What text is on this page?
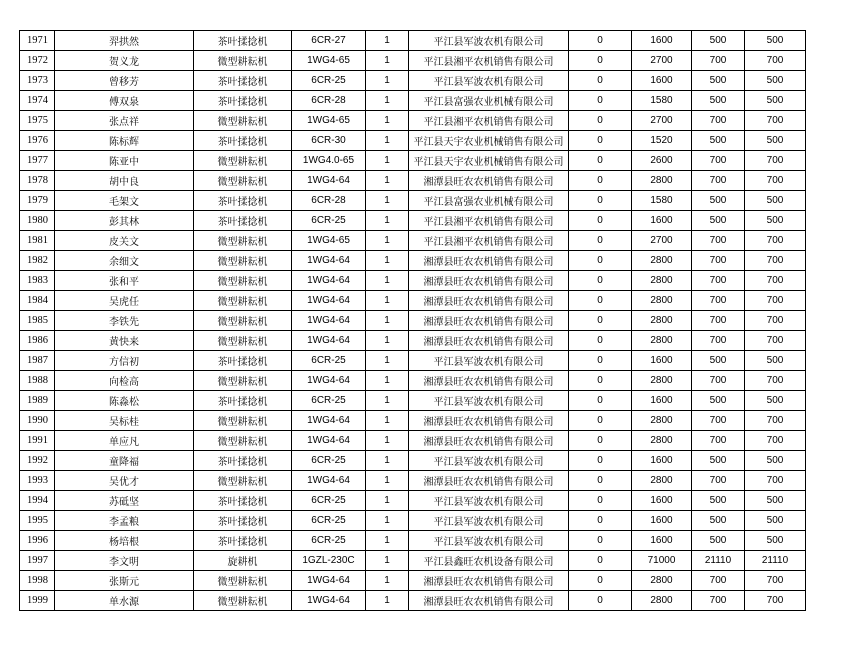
1971	羿拱然	茶叶揉捻机	6CR-27	1	平江县军波农机有限公司	0	1600	500	500
1972	贺义龙	微型耕耘机	1WG4-65	1	平江县湘平农机销售有限公司	0	2700	700	700
1973	曾移芳	茶叶揉捻机	6CR-25	1	平江县军波农机有限公司	0	1600	500	500
1974	傅双泉	茶叶揉捻机	6CR-28	1	平江县富强农业机械有限公司	0	1580	500	500
1975	张点祥	微型耕耘机	1WG4-65	1	平江县湘平农机销售有限公司	0	2700	700	700
1976	陈标辉	茶叶揉捻机	6CR-30	1	平江县天宇农业机械销售有限公司	0	1520	500	500
1977	陈亚中	微型耕耘机	1WG4.0-65	1	平江县天宇农业机械销售有限公司	0	2600	700	700
1978	胡中良	微型耕耘机	1WG4-64	1	湘潭县旺农农机销售有限公司	0	2800	700	700
1979	毛架文	茶叶揉捻机	6CR-28	1	平江县富强农业机械有限公司	0	1580	500	500
1980	彭其林	茶叶揉捻机	6CR-25	1	平江县湘平农机销售有限公司	0	1600	500	500
1981	皮关文	微型耕耘机	1WG4-65	1	平江县湘平农机销售有限公司	0	2700	700	700
1982	余细文	微型耕耘机	1WG4-64	1	湘潭县旺农农机销售有限公司	0	2800	700	700
1983	张和平	微型耕耘机	1WG4-64	1	湘潭县旺农农机销售有限公司	0	2800	700	700
1984	吴虎任	微型耕耘机	1WG4-64	1	湘潭县旺农农机销售有限公司	0	2800	700	700
1985	李铁先	微型耕耘机	1WG4-64	1	湘潭县旺农农机销售有限公司	0	2800	700	700
1986	黄快来	微型耕耘机	1WG4-64	1	湘潭县旺农农机销售有限公司	0	2800	700	700
1987	方信初	茶叶揉捻机	6CR-25	1	平江县军波农机有限公司	0	1600	500	500
1988	向检高	微型耕耘机	1WG4-64	1	湘潭县旺农农机销售有限公司	0	2800	700	700
1989	陈淼松	茶叶揉捻机	6CR-25	1	平江县军波农机有限公司	0	1600	500	500
1990	吴标桂	微型耕耘机	1WG4-64	1	湘潭县旺农农机销售有限公司	0	2800	700	700
1991	单应凡	微型耕耘机	1WG4-64	1	湘潭县旺农农机销售有限公司	0	2800	700	700
1992	童降福	茶叶揉捻机	6CR-25	1	平江县军波农机有限公司	0	1600	500	500
1993	吴优才	微型耕耘机	1WG4-64	1	湘潭县旺农农机销售有限公司	0	2800	700	700
1994	苏砥坚	茶叶揉捻机	6CR-25	1	平江县军波农机有限公司	0	1600	500	500
1995	李孟粮	茶叶揉捻机	6CR-25	1	平江县军波农机有限公司	0	1600	500	500
1996	杨培根	茶叶揉捻机	6CR-25	1	平江县军波农机有限公司	0	1600	500	500
1997	李文明	旋耕机	1GZL-230C	1	平江县鑫旺农机设备有限公司	0	71000	21110	21110
1998	张斯元	微型耕耘机	1WG4-64	1	湘潭县旺农农机销售有限公司	0	2800	700	700
1999	单水源	微型耕耘机	1WG4-64	1	湘潭县旺农农机销售有限公司	0	2800	700	700
